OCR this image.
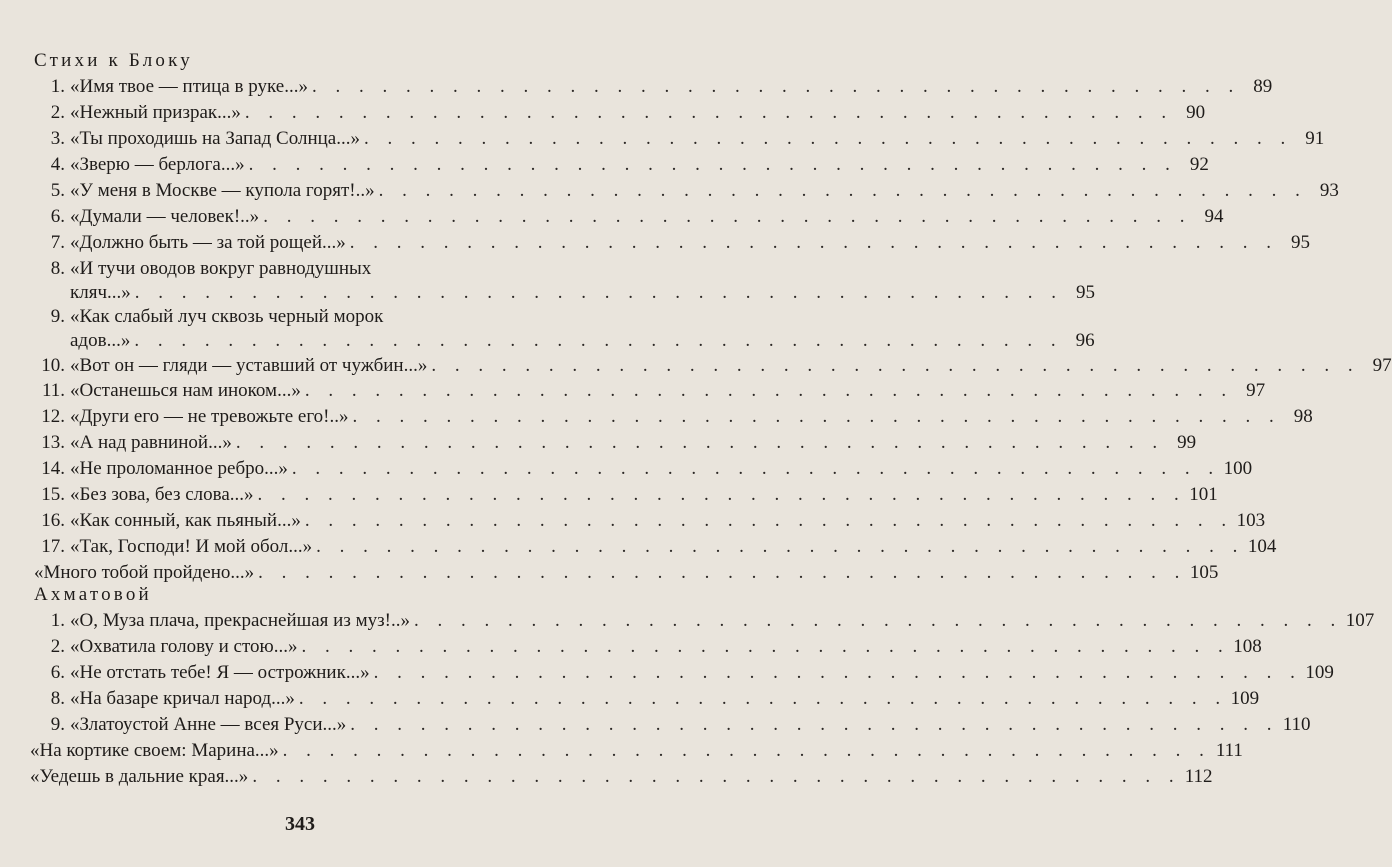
Стихи к Блоку
1. «Имя твое — птица в руке...» . . . . . . . . . . . . . . . . . . . . . . . . . . . . . . . . . . . . . . . . 89
2. «Нежный призрак...» . . . . . . . . . . . . . . . . . . . . . . . . . . . . . . . . . . . . . . . . 90
3. «Ты проходишь на Запад Солнца...» . . . . . . . . . . . . . . . . . . . . . . . . . . . . . . . . . . . . . . . . 91
4. «Зверю — берлога...» . . . . . . . . . . . . . . . . . . . . . . . . . . . . . . . . . . . . . . . . 92
5. «У меня в Москве — купола горят!..» . . . . . . . . . . . . . . . . . . . . . . . . . . . . . . . . . . . . . . . . 93
6. «Думали — человек!..» . . . . . . . . . . . . . . . . . . . . . . . . . . . . . . . . . . . . . . . . 94
7. «Должно быть — за той рощей...» . . . . . . . . . . . . . . . . . . . . . . . . . . . . . . . . . . . . . . . . 95
8. «И тучи оводов вокруг равнодушных
кляч...» . . . . . . . . . . . . . . . . . . . . . . . . . . . . . . . . . . . . . . . . 95
9. «Как слабый луч сквозь черный морок
адов...» . . . . . . . . . . . . . . . . . . . . . . . . . . . . . . . . . . . . . . . . 96
10. «Вот он — гляди — уставший от чужбин...» . . . . . . . . . . . . . . . . . . . . . . . . . . . . . . . . . . . . . . . . 97
11. «Останешься нам иноком...» . . . . . . . . . . . . . . . . . . . . . . . . . . . . . . . . . . . . . . . . 97
12. «Други его — не тревожьте его!..» . . . . . . . . . . . . . . . . . . . . . . . . . . . . . . . . . . . . . . . . 98
13. «А над равниной...» . . . . . . . . . . . . . . . . . . . . . . . . . . . . . . . . . . . . . . . . 99
14. «Не проломанное ребро...» . . . . . . . . . . . . . . . . . . . . . . . . . . . . . . . . . . . . . . . . 100
15. «Без зова, без слова...» . . . . . . . . . . . . . . . . . . . . . . . . . . . . . . . . . . . . . . . . 101
16. «Как сонный, как пьяный...» . . . . . . . . . . . . . . . . . . . . . . . . . . . . . . . . . . . . . . . . 103
17. «Так, Господи! И мой обол...» . . . . . . . . . . . . . . . . . . . . . . . . . . . . . . . . . . . . . . . . 104
«Много тобой пройдено...» . . . . . . . . . . . . . . . . . . . . . . . . . . . . . . . . . . . . . . . . 105
Ахматовой
1. «О, Муза плача, прекраснейшая из муз!..» . . . . . . . . . . . . . . . . . . . . . . . . . . . . . . . . . . . . . . . . 107
2. «Охватила голову и стою...» . . . . . . . . . . . . . . . . . . . . . . . . . . . . . . . . . . . . . . . . 108
6. «Не отстать тебе! Я — острожник...» . . . . . . . . . . . . . . . . . . . . . . . . . . . . . . . . . . . . . . . . 109
8. «На базаре кричал народ...» . . . . . . . . . . . . . . . . . . . . . . . . . . . . . . . . . . . . . . . . 109
9. «Златоустой Анне — всея Руси...» . . . . . . . . . . . . . . . . . . . . . . . . . . . . . . . . . . . . . . . . 110
«На кортике своем: Марина...» . . . . . . . . . . . . . . . . . . . . . . . . . . . . . . . . . . . . . . . . 111
«Уедешь в дальние края...» . . . . . . . . . . . . . . . . . . . . . . . . . . . . . . . . . . . . . . . . 112
343
